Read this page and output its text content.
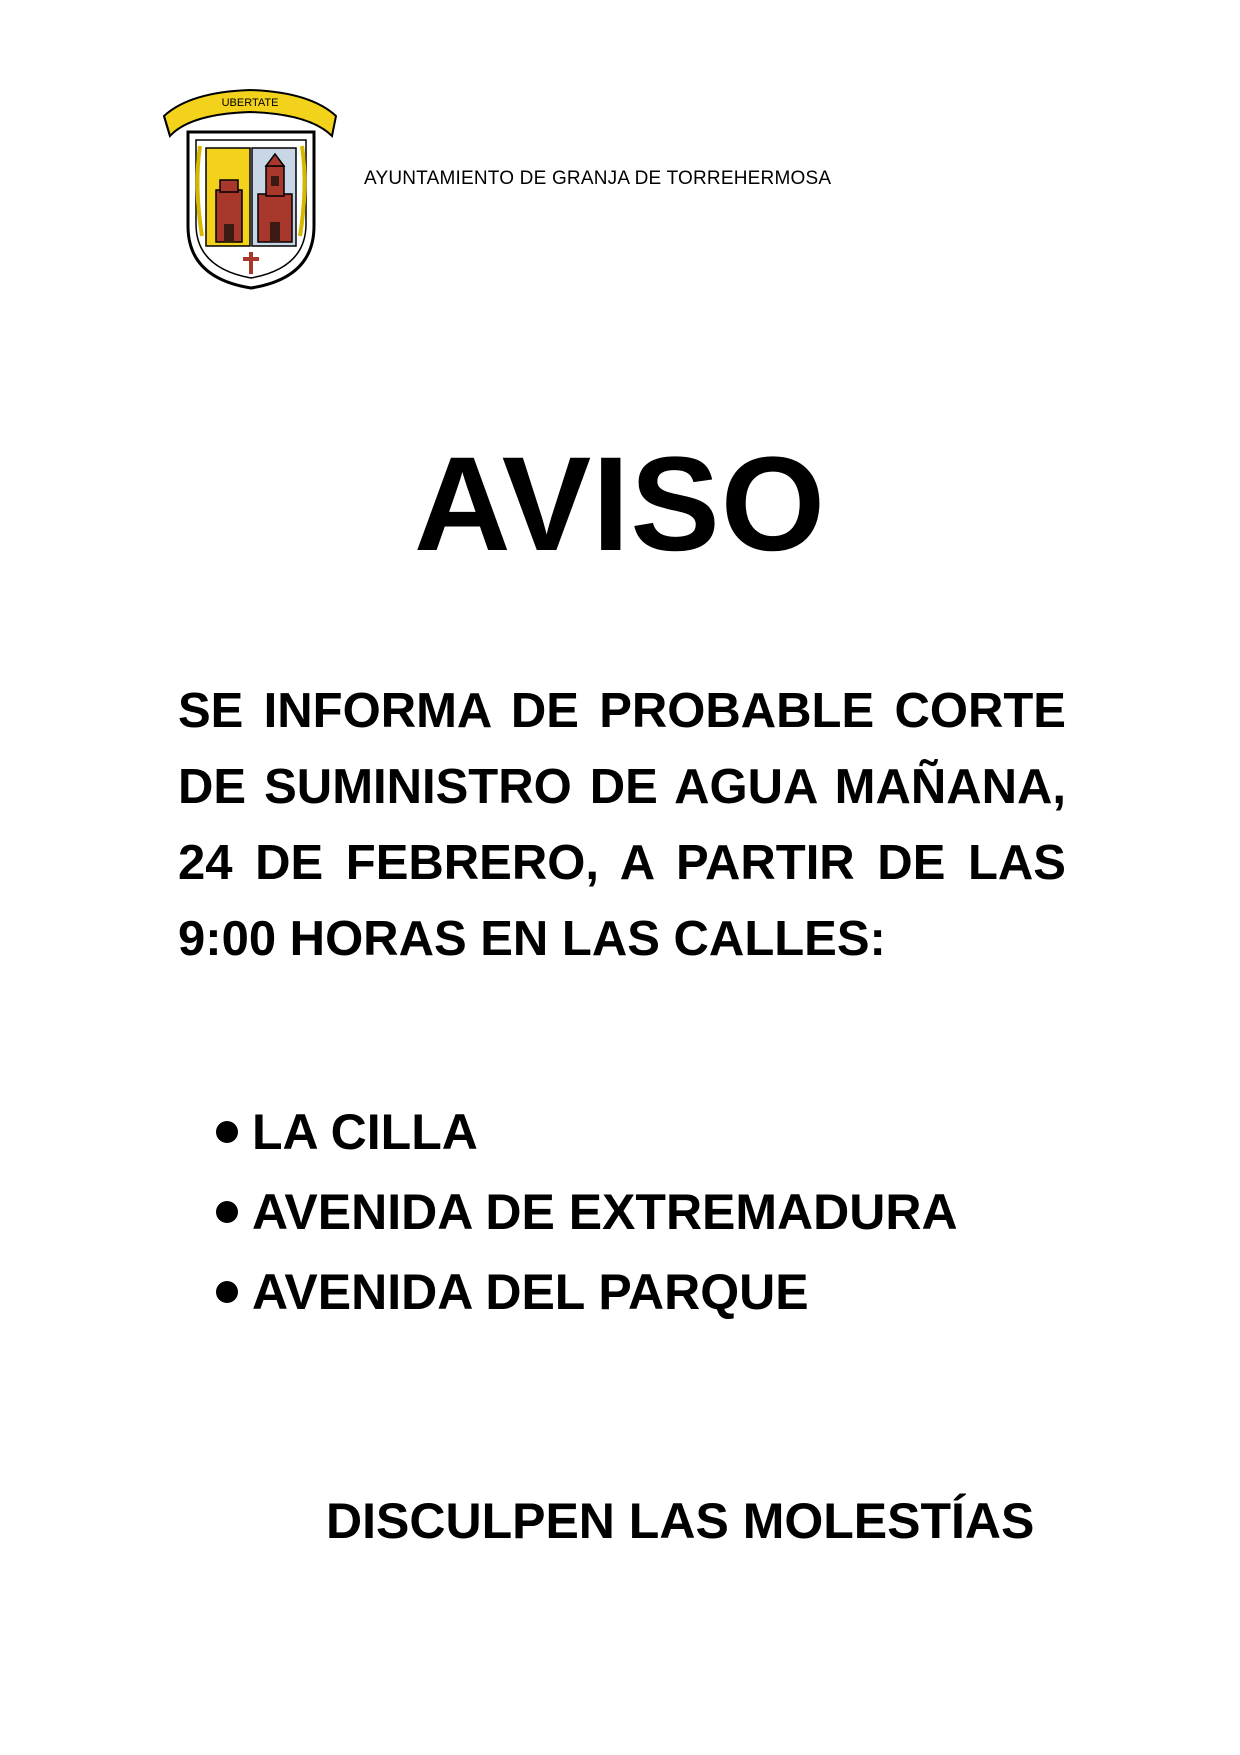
UBERTATE
AYUNTAMIENTO DE GRANJA DE TORREHERMOSA
AVISO
SE INFORMA DE PROBABLE CORTE DE SUMINISTRO DE AGUA MAÑANA, 24 DE FEBRERO, A PARTIR DE LAS 9:00 HORAS EN LAS CALLES:
LA CILLA
AVENIDA DE EXTREMADURA
AVENIDA DEL PARQUE
DISCULPEN LAS MOLESTÍAS
